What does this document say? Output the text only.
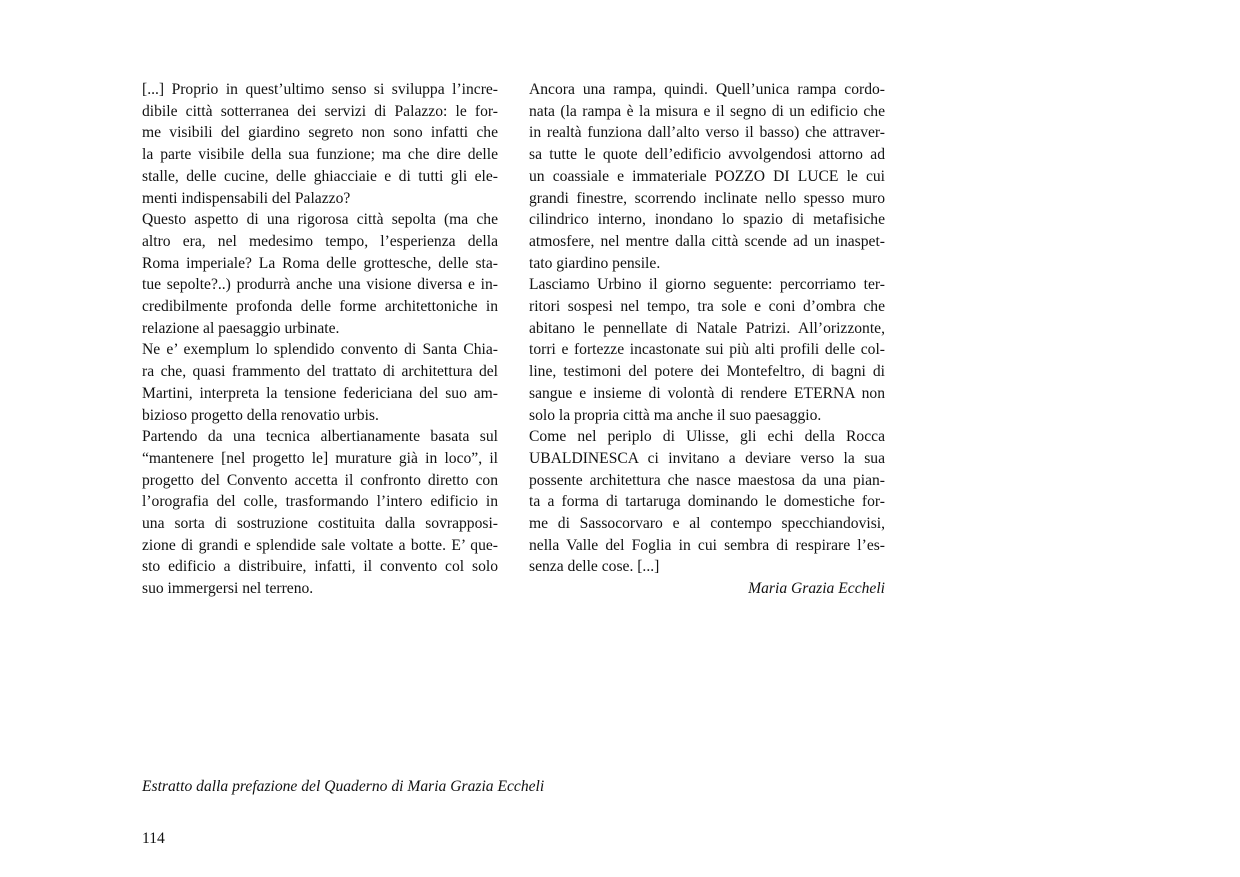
[...] Proprio in quest’ultimo senso si sviluppa l’incre-
dibile città sotterranea dei servizi di Palazzo: le for-
me visibili del giardino segreto non sono infatti che
la parte visibile della sua funzione; ma che dire delle
stalle, delle cucine, delle ghiacciaie e di tutti gli ele-
menti indispensabili del Palazzo?
Questo aspetto di una rigorosa città sepolta (ma che
altro era, nel medesimo tempo, l’esperienza della
Roma imperiale? La Roma delle grottesche, delle sta-
tue sepolte?..) produrrà anche una visione diversa e in-
credibilmente profonda delle forme architettoniche in
relazione al paesaggio urbinate.
Ne e’ exemplum lo splendido convento di Santa Chia-
ra che, quasi frammento del trattato di architettura del
Martini, interpreta la tensione federiciana del suo am-
bizioso progetto della renovatio urbis.
Partendo da una tecnica albertianamente basata sul
“mantenere [nel progetto le] murature già in loco”, il
progetto del Convento accetta il confronto diretto con
l’orografia del colle, trasformando l’intero edificio in
una sorta di sostruzione costituita dalla sovrapposi-
zione di grandi e splendide sale voltate a botte. E’ que-
sto edificio a distribuire, infatti, il convento col solo
suo immergersi nel terreno.
Ancora una rampa, quindi. Quell’unica rampa cordo-
nata (la rampa è la misura e il segno di un edificio che
in realtà funziona dall’alto verso il basso) che attraver-
sa tutte le quote dell’edificio avvolgendosi attorno ad
un coassiale e immateriale POZZO DI LUCE le cui
grandi finestre, scorrendo inclinate nello spesso muro
cilindrico interno, inondano lo spazio di metafisiche
atmosfere, nel mentre dalla città scende ad un inaspet-
tato giardino pensile.
Lasciamo Urbino il giorno seguente: percorriamo ter-
ritori sospesi nel tempo, tra sole e coni d’ombra che
abitano le pennellate di Natale Patrizi. All’orizzonte,
torri e fortezze incastonate sui più alti profili delle col-
line, testimoni del potere dei Montefeltro, di bagni di
sangue e insieme di volontà di rendere ETERNA non
solo la propria città ma anche il suo paesaggio.
Come nel periplo di Ulisse, gli echi della Rocca
UBALDINESCA ci invitano a deviare verso la sua
possente architettura che nasce maestosa da una pian-
ta a forma di tartaruga dominando le domestiche for-
me di Sassocorvaro e al contempo specchiandovisi,
nella Valle del Foglia in cui sembra di respirare l’es-
senza delle cose. [...]
Maria Grazia Eccheli
Estratto dalla prefazione del Quaderno di Maria Grazia Eccheli
114
